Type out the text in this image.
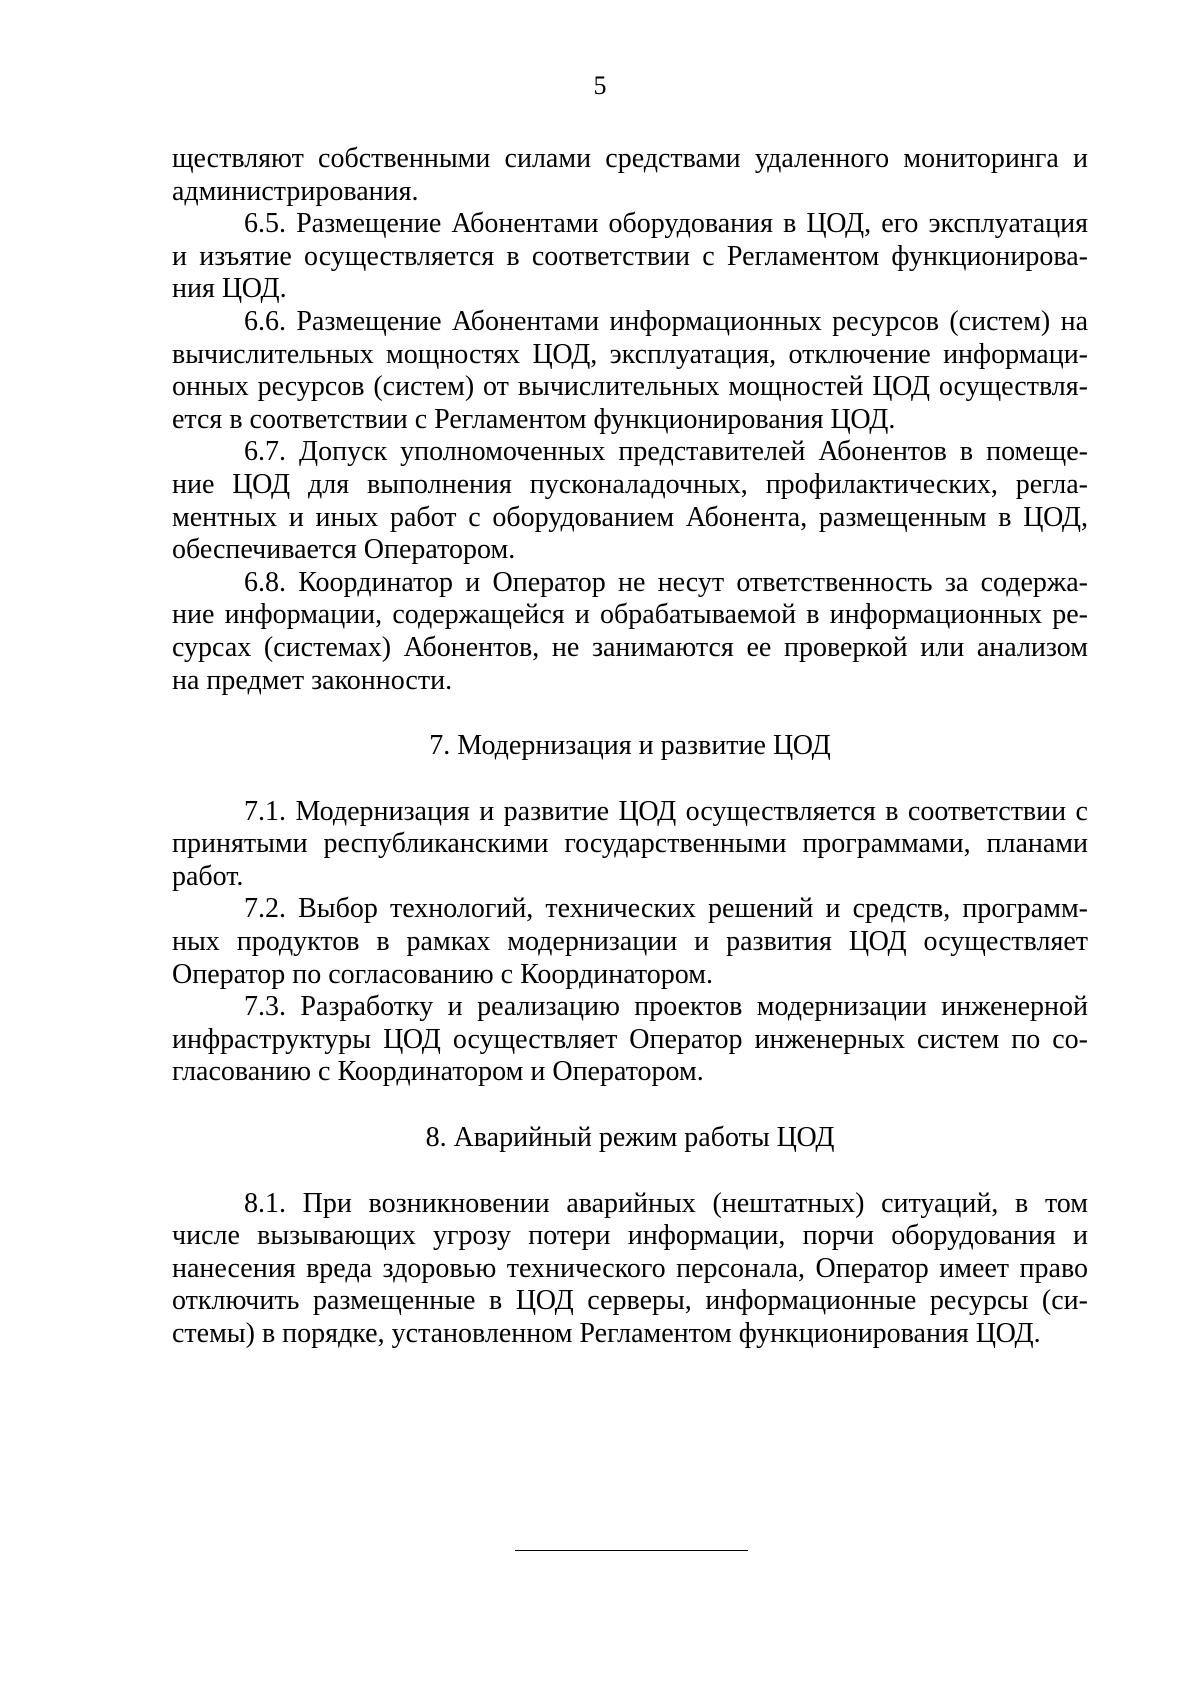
5

ществляют собственными силами средствами удаленного мониторинга и
администрирования.

6.5. Размещение Абонентами оборудования в ЦОД, его эксплуатация
и изъятие осуществляется в соответствии с Регламентом функционирова-
ния ЦОД.

6.6. Размещение Абонентами информационных ресурсов (систем) на
вычислительных мощностях ЦОД, эксплуатация, отключение информаци-
онных ресурсов (систем) от вычислительных мощностей ЦОД осуществля-
ется в соответствии с Регламентом функционирования ЦОД.

6.7. Допуск уполномоченных представителей Абонентов в помеще-
ние ЦОД для выполнения пусконаладочных, профилактических, регла-
ментных и иных работ с оборудованием Абонента, размещенным в ЦОД,
обеспечивается Оператором.

6.8. Координатор и Оператор не несут ответственность за содержа-
ние информации, содержащейся и обрабатываемой в информационных ре-
сурсах (системах) Абонентов, не занимаются ее проверкой или анализом
на предмет законности.

7. Модернизация и развитие ЦОД

7.1. Модернизация и развитие ЦОД осуществляется в соответствии с
принятыми республиканскими государственными программами, планами
работ.

7.2. Выбор технологий, технических решений и средств, программ-
ных продуктов в рамках модернизации и развития ЦОД осуществляет
Оператор по согласованию с Координатором.

7.3. Разработку и реализацию проектов модернизации инженерной
инфраструктуры ЦОД осуществляет Оператор инженерных систем по со-
гласованию с Координатором и Оператором.

8. Аварийный режим работы ЦОД

8.1. При возникновении аварийных (нештатных) ситуаций, в том
числе вызывающих угрозу потери информации, порчи оборудования и
нанесения вреда здоровью технического персонала, Оператор имеет право
отключить размещенные в ЦОД серверы, информационные ресурсы (си-
стемы) в порядке, установленном Регламентом функционирования ЦОД.
